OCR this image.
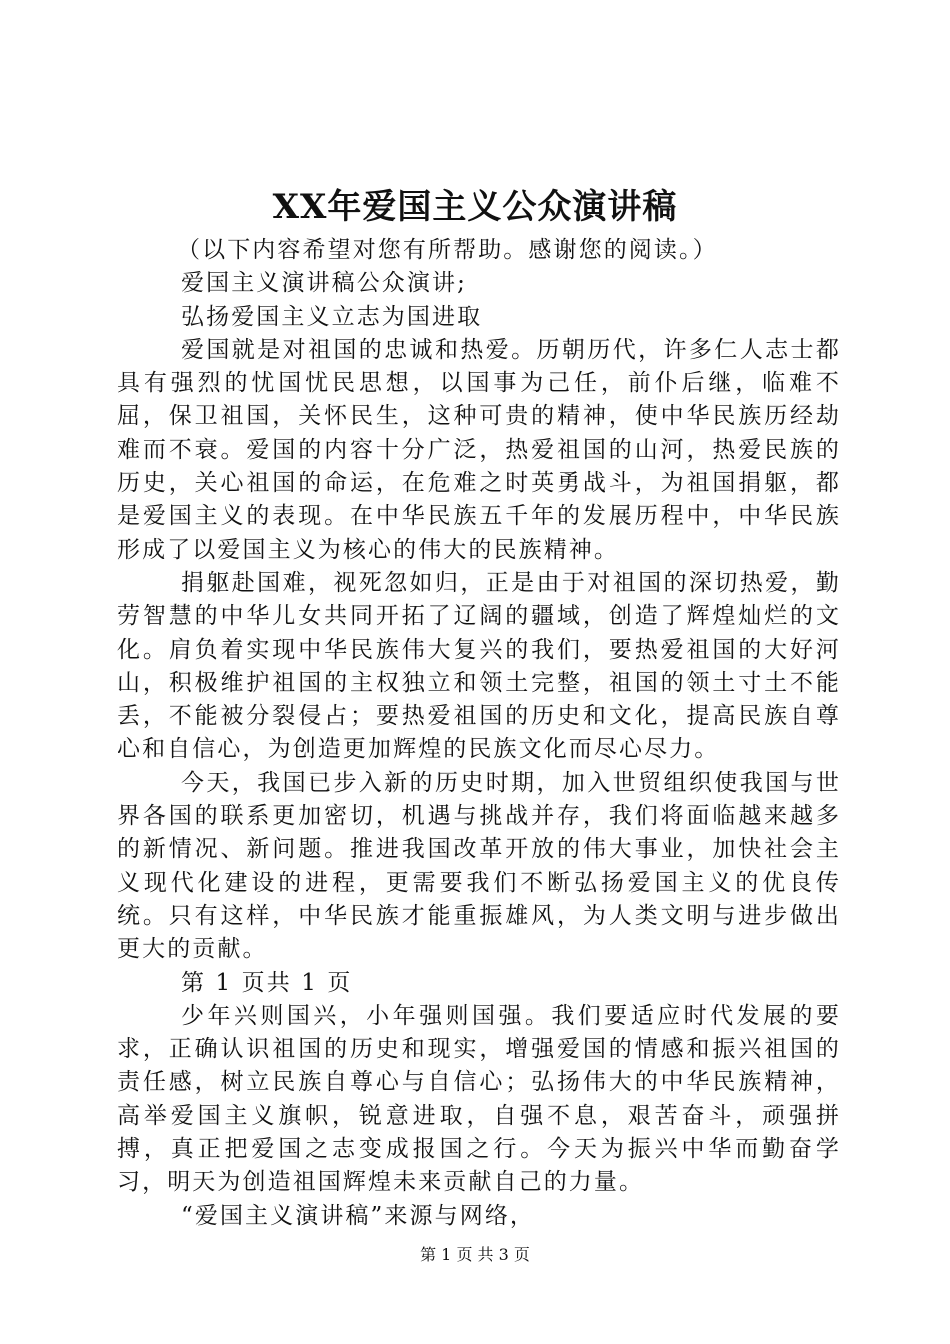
XX年爱国主义公众演讲稿

（以下内容希望对您有所帮助。感谢您的阅读。）

爱国主义演讲稿公众演讲;

弘扬爱国主义立志为国进取

爱国就是对祖国的忠诚和热爱。历朝历代，许多仁人志士都具有强烈的忧国忧民思想，以国事为己任，前仆后继，临难不屈，保卫祖国，关怀民生，这种可贵的精神，使中华民族历经劫难而不衰。爱国的内容十分广泛，热爱祖国的山河，热爱民族的历史，关心祖国的命运，在危难之时英勇战斗，为祖国捐躯，都是爱国主义的表现。在中华民族五千年的发展历程中，中华民族形成了以爱国主义为核心的伟大的民族精神。

捐躯赴国难，视死忽如归，正是由于对祖国的深切热爱，勤劳智慧的中华儿女共同开拓了辽阔的疆域，创造了辉煌灿烂的文化。肩负着实现中华民族伟大复兴的我们，要热爱祖国的大好河山，积极维护祖国的主权独立和领土完整，祖国的领土寸土不能丢，不能被分裂侵占；要热爱祖国的历史和文化，提高民族自尊心和自信心，为创造更加辉煌的民族文化而尽心尽力。

今天，我国已步入新的历史时期，加入世贸组织使我国与世界各国的联系更加密切，机遇与挑战并存，我们将面临越来越多的新情况、新问题。推进我国改革开放的伟大事业，加快社会主义现代化建设的进程，更需要我们不断弘扬爱国主义的优良传统。只有这样，中华民族才能重振雄风，为人类文明与进步做出更大的贡献。

第 1 页共 1 页

少年兴则国兴，小年强则国强。我们要适应时代发展的要求，正确认识祖国的历史和现实，增强爱国的情感和振兴祖国的责任感，树立民族自尊心与自信心；弘扬伟大的中华民族精神，高举爱国主义旗帜，锐意进取，自强不息，艰苦奋斗，顽强拼搏，真正把爱国之志变成报国之行。今天为振兴中华而勤奋学习，明天为创造祖国辉煌未来贡献自己的力量。

“爱国主义演讲稿”来源与网络，

第 1 页 共 3 页
